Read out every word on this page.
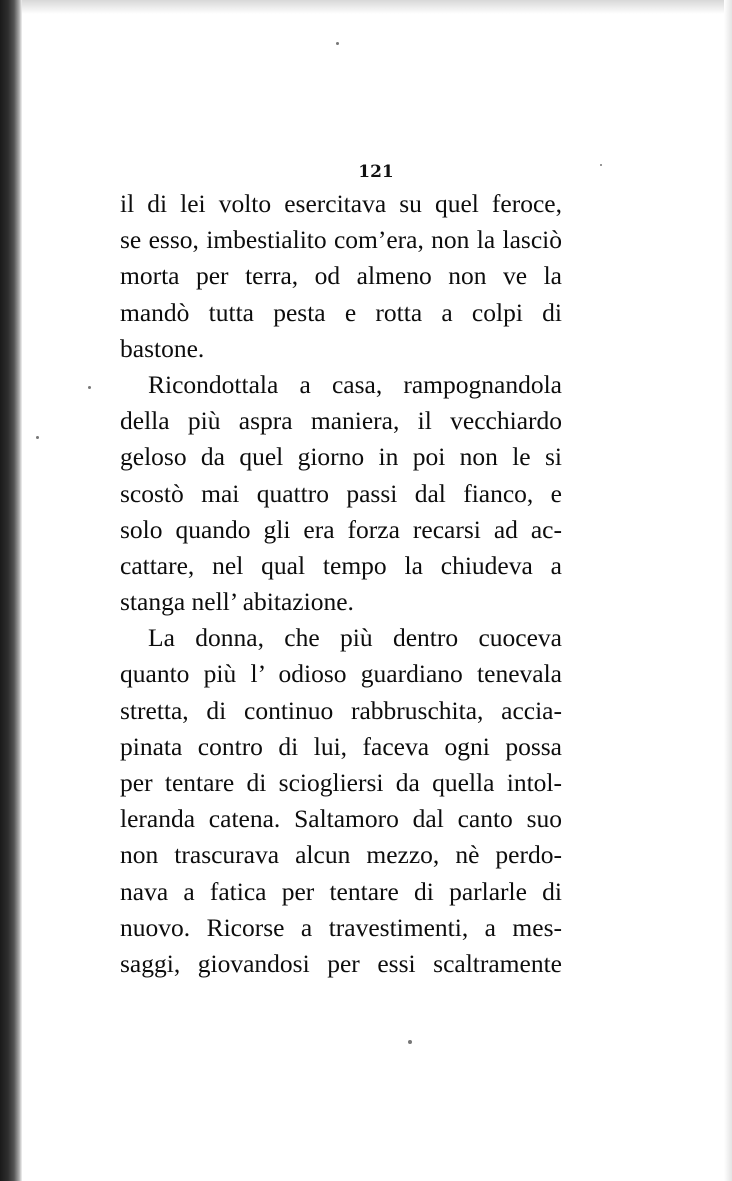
121
il di lei volto esercitava su quel feroce,
se esso, imbestialito com’era, non la lasciò
morta per terra, od almeno non ve la
mandò tutta pesta e rotta a colpi di
bastone.
Ricondottala a casa, rampognandola
della più aspra maniera, il vecchiardo
geloso da quel giorno in poi non le si
scostò mai quattro passi dal fianco, e
solo quando gli era forza recarsi ad ac-
cattare, nel qual tempo la chiudeva a
stanga nell’ abitazione.
La donna, che più dentro cuoceva
quanto più l’ odioso guardiano tenevala
stretta, di continuo rabbruschita, accia-
pinata contro di lui, faceva ogni possa
per tentare di sciogliersi da quella intol-
leranda catena. Saltamoro dal canto suo
non trascurava alcun mezzo, nè perdo-
nava a fatica per tentare di parlarle di
nuovo. Ricorse a travestimenti, a mes-
saggi, giovandosi per essi scaltramente
